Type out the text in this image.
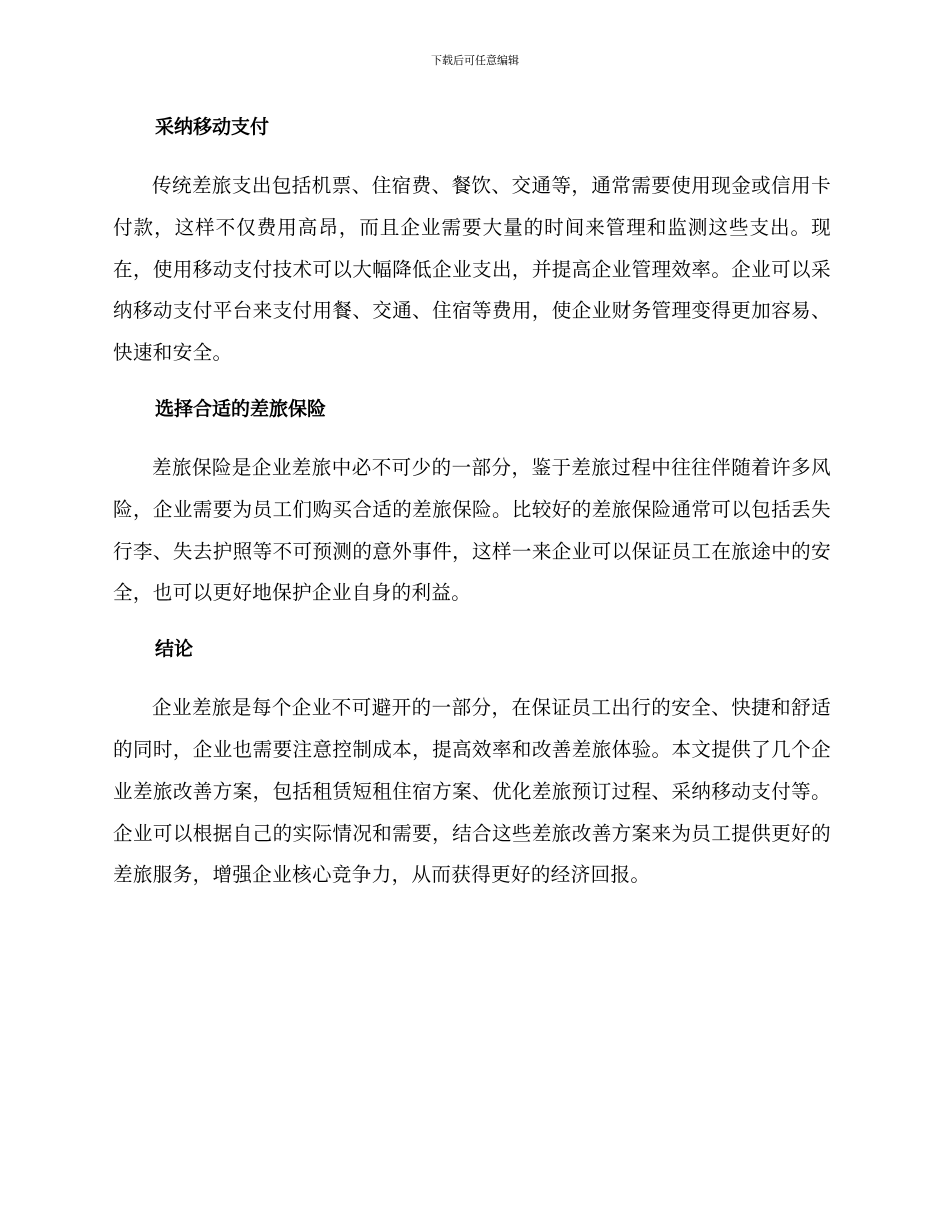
下载后可任意编辑
采纳移动支付

传统差旅支出包括机票、住宿费、餐饮、交通等，通常需要使用现金或信用卡付款，这样不仅费用高昂，而且企业需要大量的时间来管理和监测这些支出。现在，使用移动支付技术可以大幅降低企业支出，并提高企业管理效率。企业可以采纳移动支付平台来支付用餐、交通、住宿等费用，使企业财务管理变得更加容易、快速和安全。

选择合适的差旅保险

差旅保险是企业差旅中必不可少的一部分，鉴于差旅过程中往往伴随着许多风险，企业需要为员工们购买合适的差旅保险。比较好的差旅保险通常可以包括丢失行李、失去护照等不可预测的意外事件，这样一来企业可以保证员工在旅途中的安全，也可以更好地保护企业自身的利益。

结论

企业差旅是每个企业不可避开的一部分，在保证员工出行的安全、快捷和舒适的同时，企业也需要注意控制成本，提高效率和改善差旅体验。本文提供了几个企业差旅改善方案，包括租赁短租住宿方案、优化差旅预订过程、采纳移动支付等。企业可以根据自己的实际情况和需要，结合这些差旅改善方案来为员工提供更好的差旅服务，增强企业核心竞争力，从而获得更好的经济回报。
